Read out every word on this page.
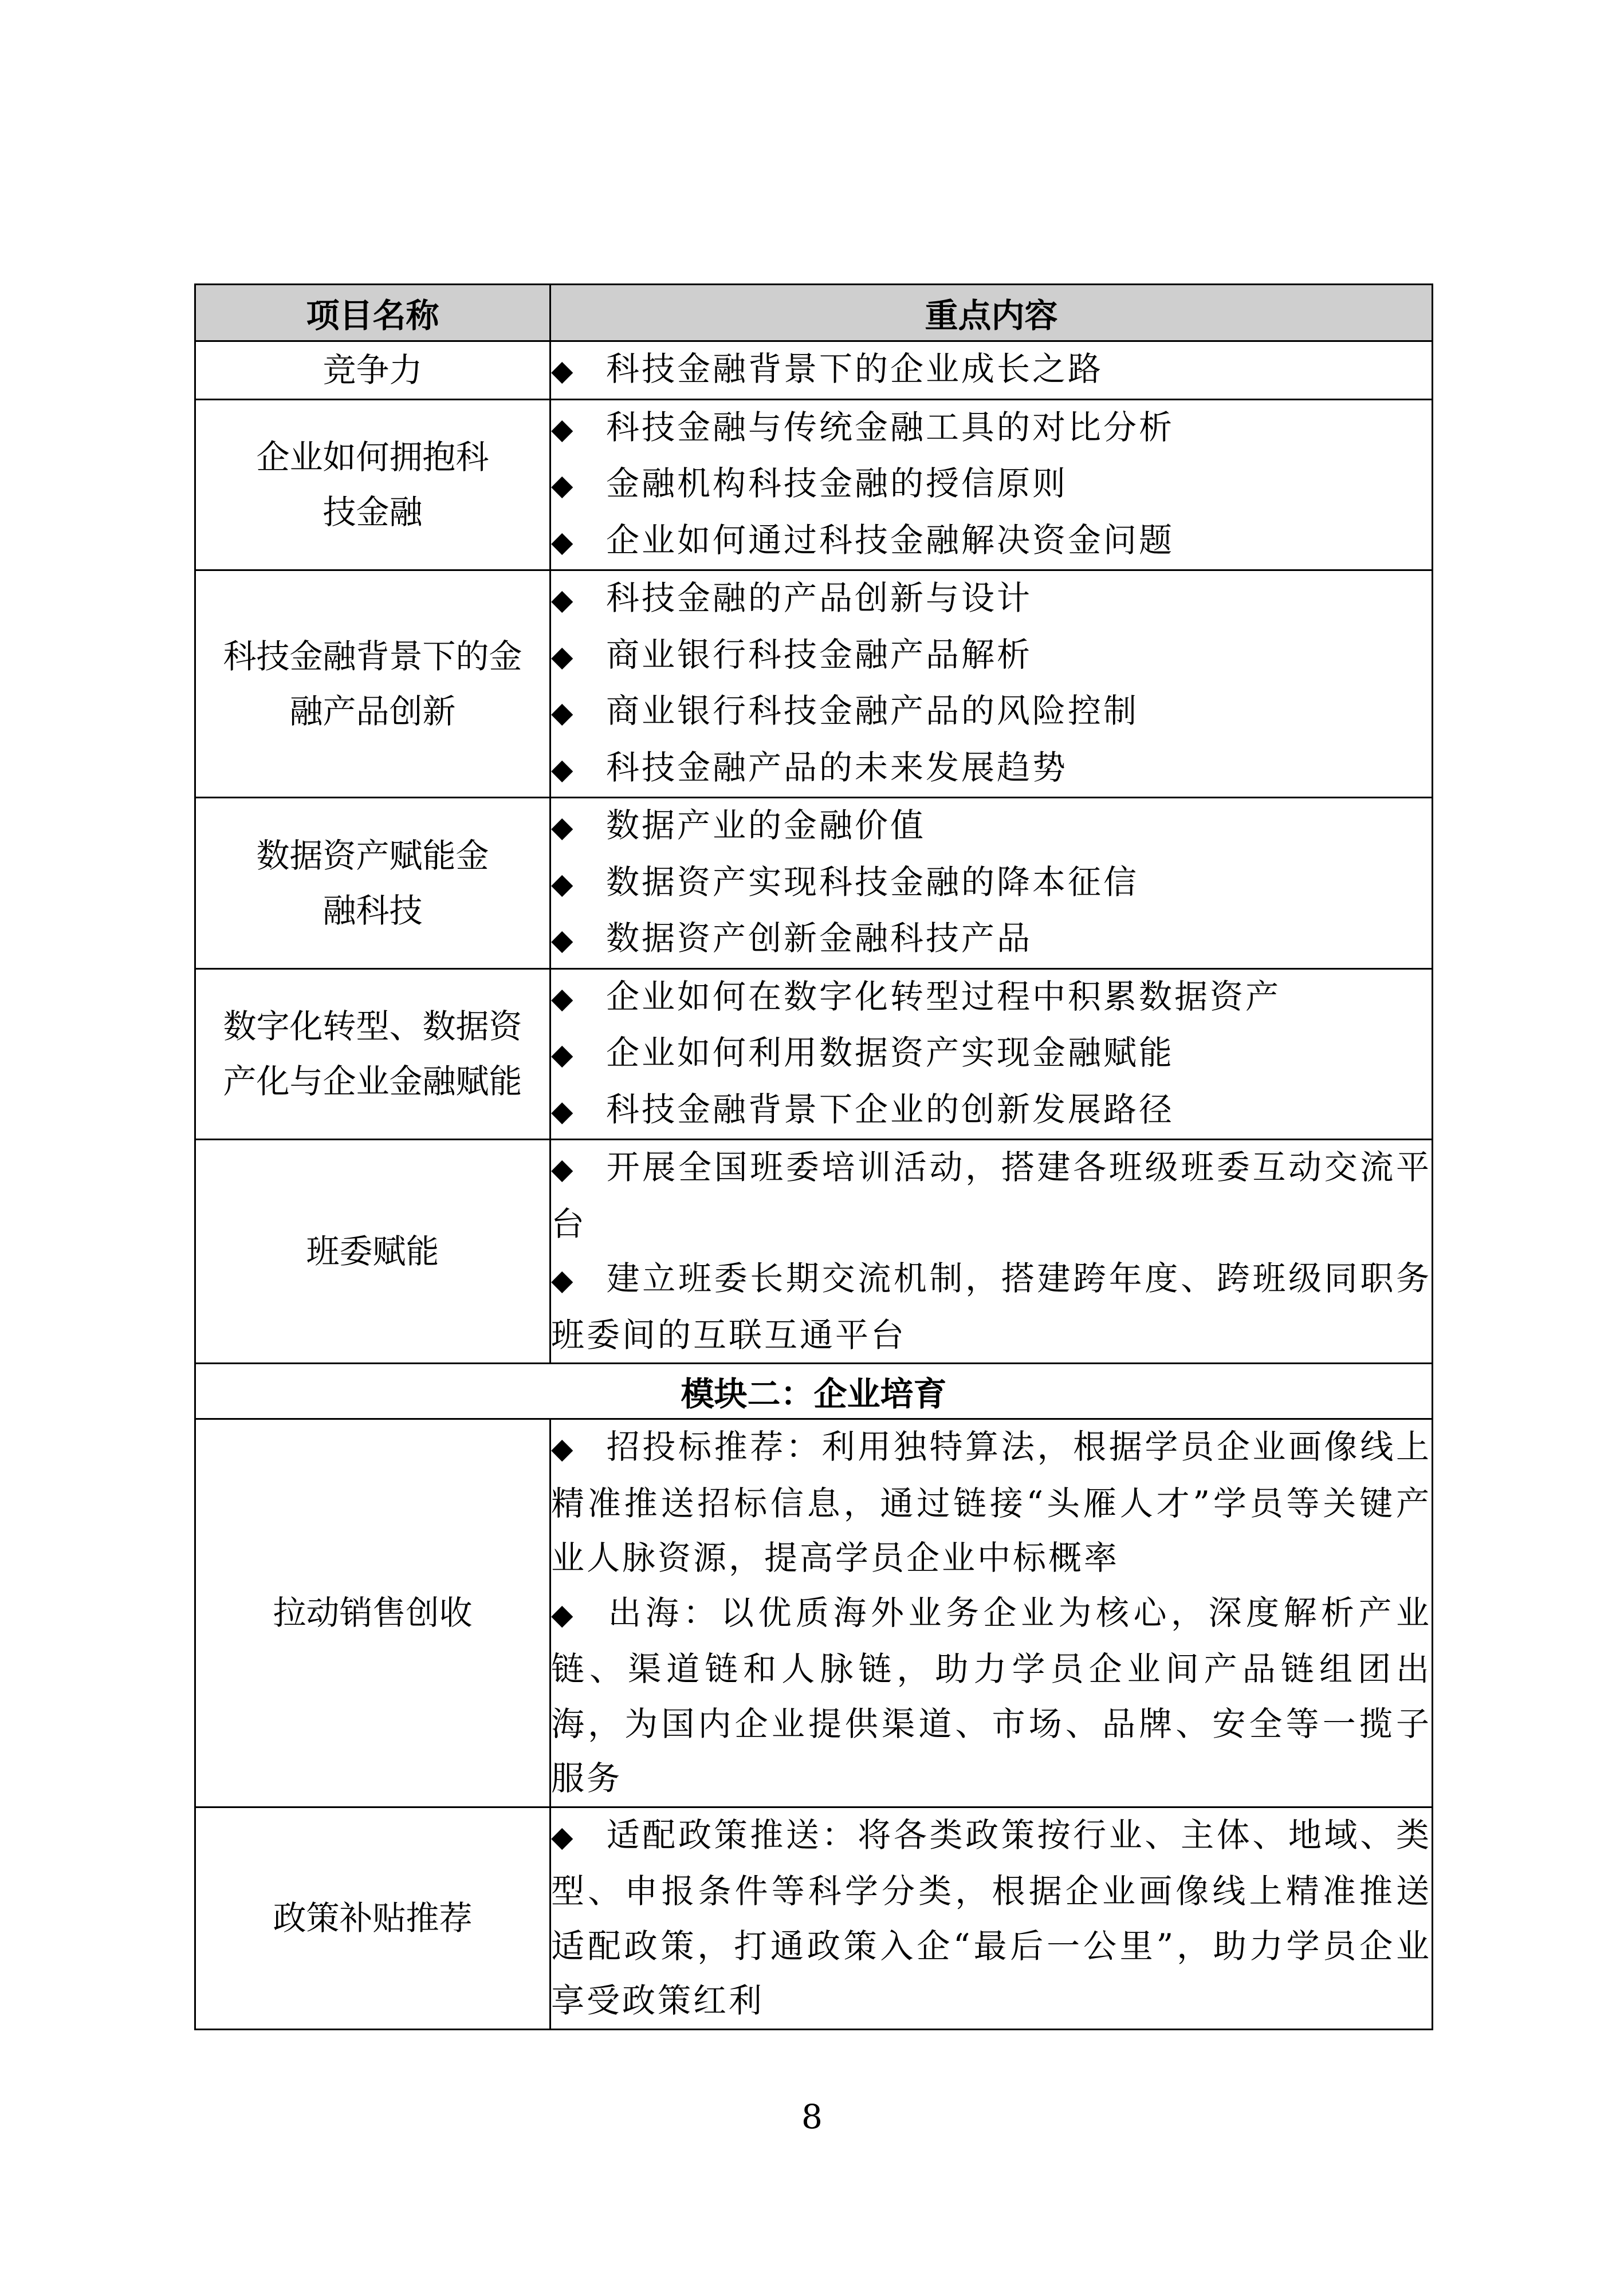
项目名称	重点内容

竞争力	◆ 科技金融背景下的企业成长之路

企业如何拥抱科技金融	◆ 科技金融与传统金融工具的对比分析
◆ 金融机构科技金融的授信原则
◆ 企业如何通过科技金融解决资金问题

科技金融背景下的金融产品创新	◆ 科技金融的产品创新与设计
◆ 商业银行科技金融产品解析
◆ 商业银行科技金融产品的风险控制
◆ 科技金融产品的未来发展趋势

数据资产赋能金融科技	◆ 数据产业的金融价值
◆ 数据资产实现科技金融的降本征信
◆ 数据资产创新金融科技产品

数字化转型、数据资产化与企业金融赋能	◆ 企业如何在数字化转型过程中积累数据资产
◆ 企业如何利用数据资产实现金融赋能
◆ 科技金融背景下企业的创新发展路径

班委赋能	◆ 开展全国班委培训活动，搭建各班级班委互动交流平台
◆ 建立班委长期交流机制，搭建跨年度、跨班级同职务班委间的互联互通平台

模块二：企业培育	

拉动销售创收	◆ 招投标推荐：利用独特算法，根据学员企业画像线上精准推送招标信息，通过链接“头雁人才”学员等关键产业人脉资源，提高学员企业中标概率
◆ 出海：以优质海外业务企业为核心，深度解析产业链、渠道链和人脉链，助力学员企业间产品链组团出海，为国内企业提供渠道、市场、品牌、安全等一揽子服务

政策补贴推荐	◆ 适配政策推送：将各类政策按行业、主体、地域、类型、申报条件等科学分类，根据企业画像线上精准推送适配政策，打通政策入企“最后一公里”，助力学员企业享受政策红利
8
